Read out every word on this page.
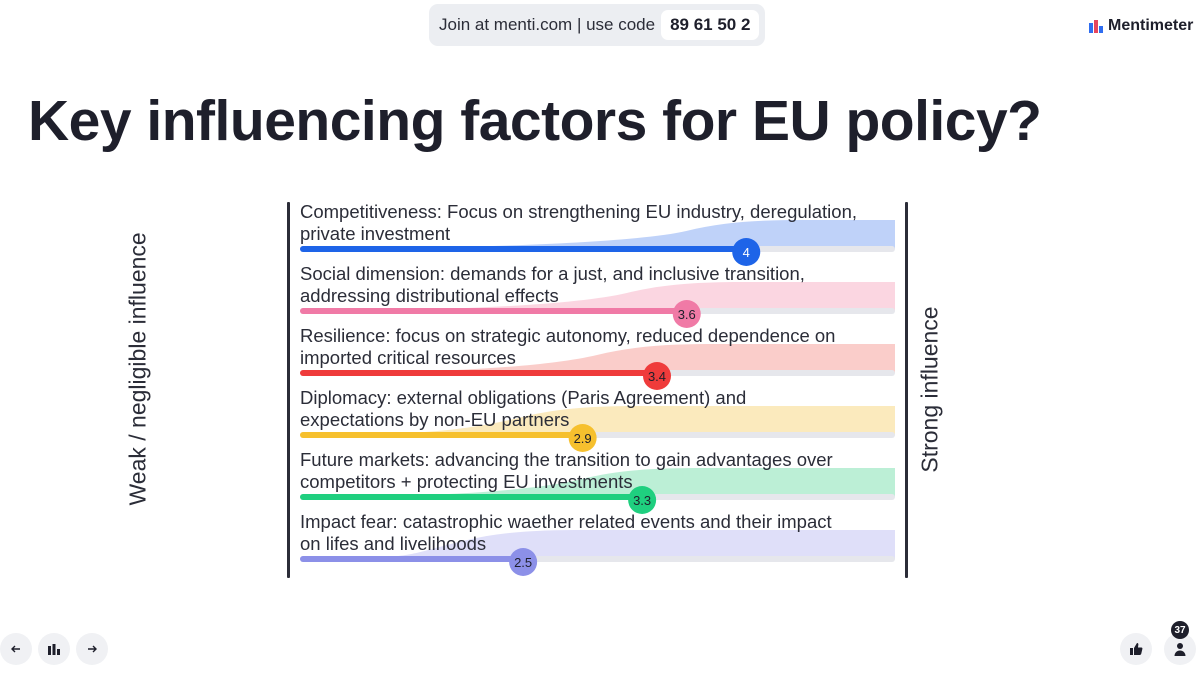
Join at menti.com | use code 89 61 50 2	Mentimeter
Key influencing factors for EU policy?
Weak / negligible influence	Strong influence
4
Competitiveness: Focus on strengthening EU industry, deregulation,
private investment
3.6
Social dimension: demands for a just, and inclusive transition,
addressing distributional effects
3.4
Resilience: focus on strategic autonomy, reduced dependence on
imported critical resources
2.9
Diplomacy: external obligations (Paris Agreement) and
expectations by non-EU partners
3.3
Future markets: advancing the transition to gain advantages over
competitors + protecting EU investments
2.5
Impact fear: catastrophic waether related events and their impact
on lifes and livelihoods
37
